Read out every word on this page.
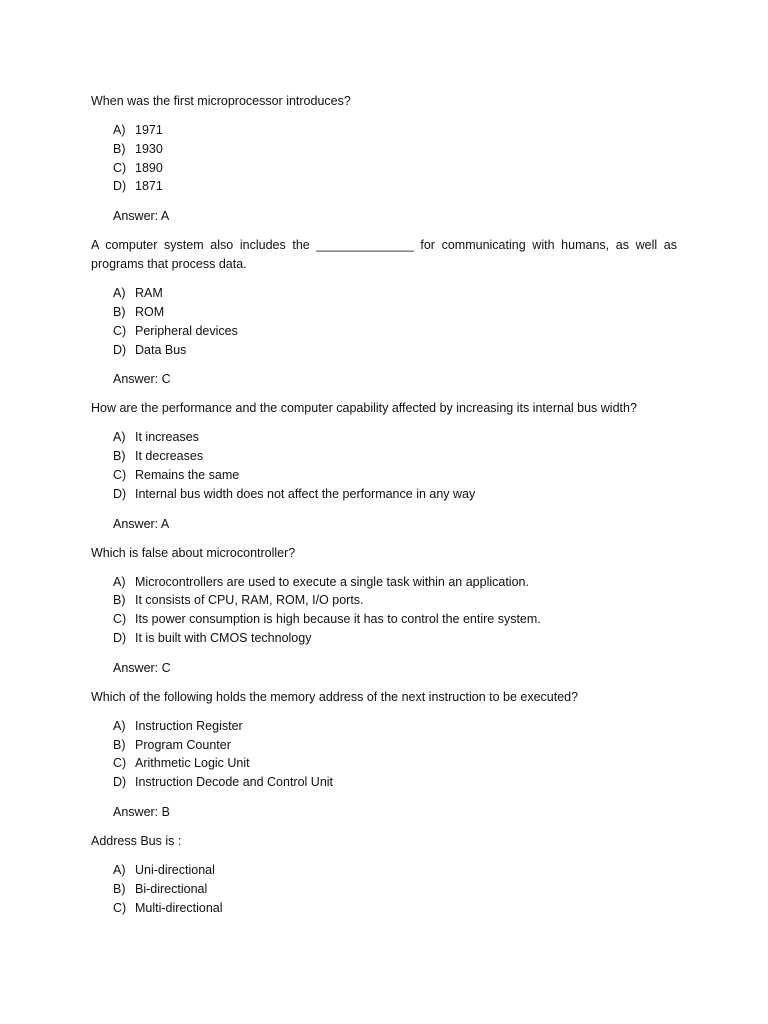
When was the first microprocessor introduces?

A) 1971
B) 1930
C) 1890
D) 1871

Answer: A

A computer system also includes the ______________ for communicating with humans, as well as programs that process data.

A) RAM
B) ROM
C) Peripheral devices
D) Data Bus

Answer: C

How are the performance and the computer capability affected by increasing its internal bus width?

A) It increases
B) It decreases
C) Remains the same
D) Internal bus width does not affect the performance in any way

Answer: A

Which is false about microcontroller?

A) Microcontrollers are used to execute a single task within an application.
B) It consists of CPU, RAM, ROM, I/O ports.
C) Its power consumption is high because it has to control the entire system.
D) It is built with CMOS technology

Answer: C

Which of the following holds the memory address of the next instruction to be executed?

A) Instruction Register
B) Program Counter
C) Arithmetic Logic Unit
D) Instruction Decode and Control Unit

Answer: B

Address Bus is :

A) Uni-directional
B) Bi-directional
C) Multi-directional
